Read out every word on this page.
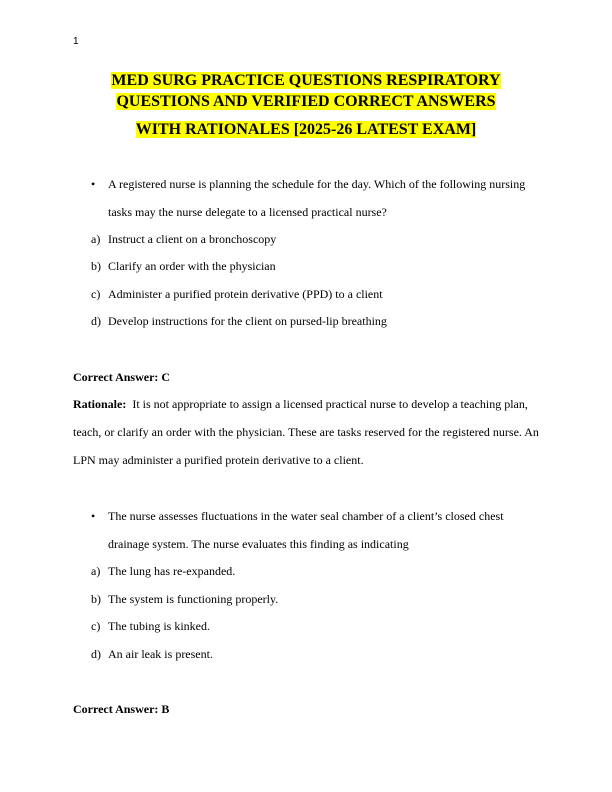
1
MED SURG PRACTICE QUESTIONS RESPIRATORY
QUESTIONS AND VERIFIED CORRECT ANSWERS
WITH RATIONALES [2025-26 LATEST EXAM]
• A registered nurse is planning the schedule for the day. Which of the following nursing
tasks may the nurse delegate to a licensed practical nurse?
a) Instruct a client on a bronchoscopy
b) Clarify an order with the physician
c) Administer a purified protein derivative (PPD) to a client
d) Develop instructions for the client on pursed-lip breathing
Correct Answer: C
Rationale: It is not appropriate to assign a licensed practical nurse to develop a teaching plan,
teach, or clarify an order with the physician. These are tasks reserved for the registered nurse. An
LPN may administer a purified protein derivative to a client.
• The nurse assesses fluctuations in the water seal chamber of a client’s closed chest
drainage system. The nurse evaluates this finding as indicating
a) The lung has re-expanded.
b) The system is functioning properly.
c) The tubing is kinked.
d) An air leak is present.
Correct Answer: B
